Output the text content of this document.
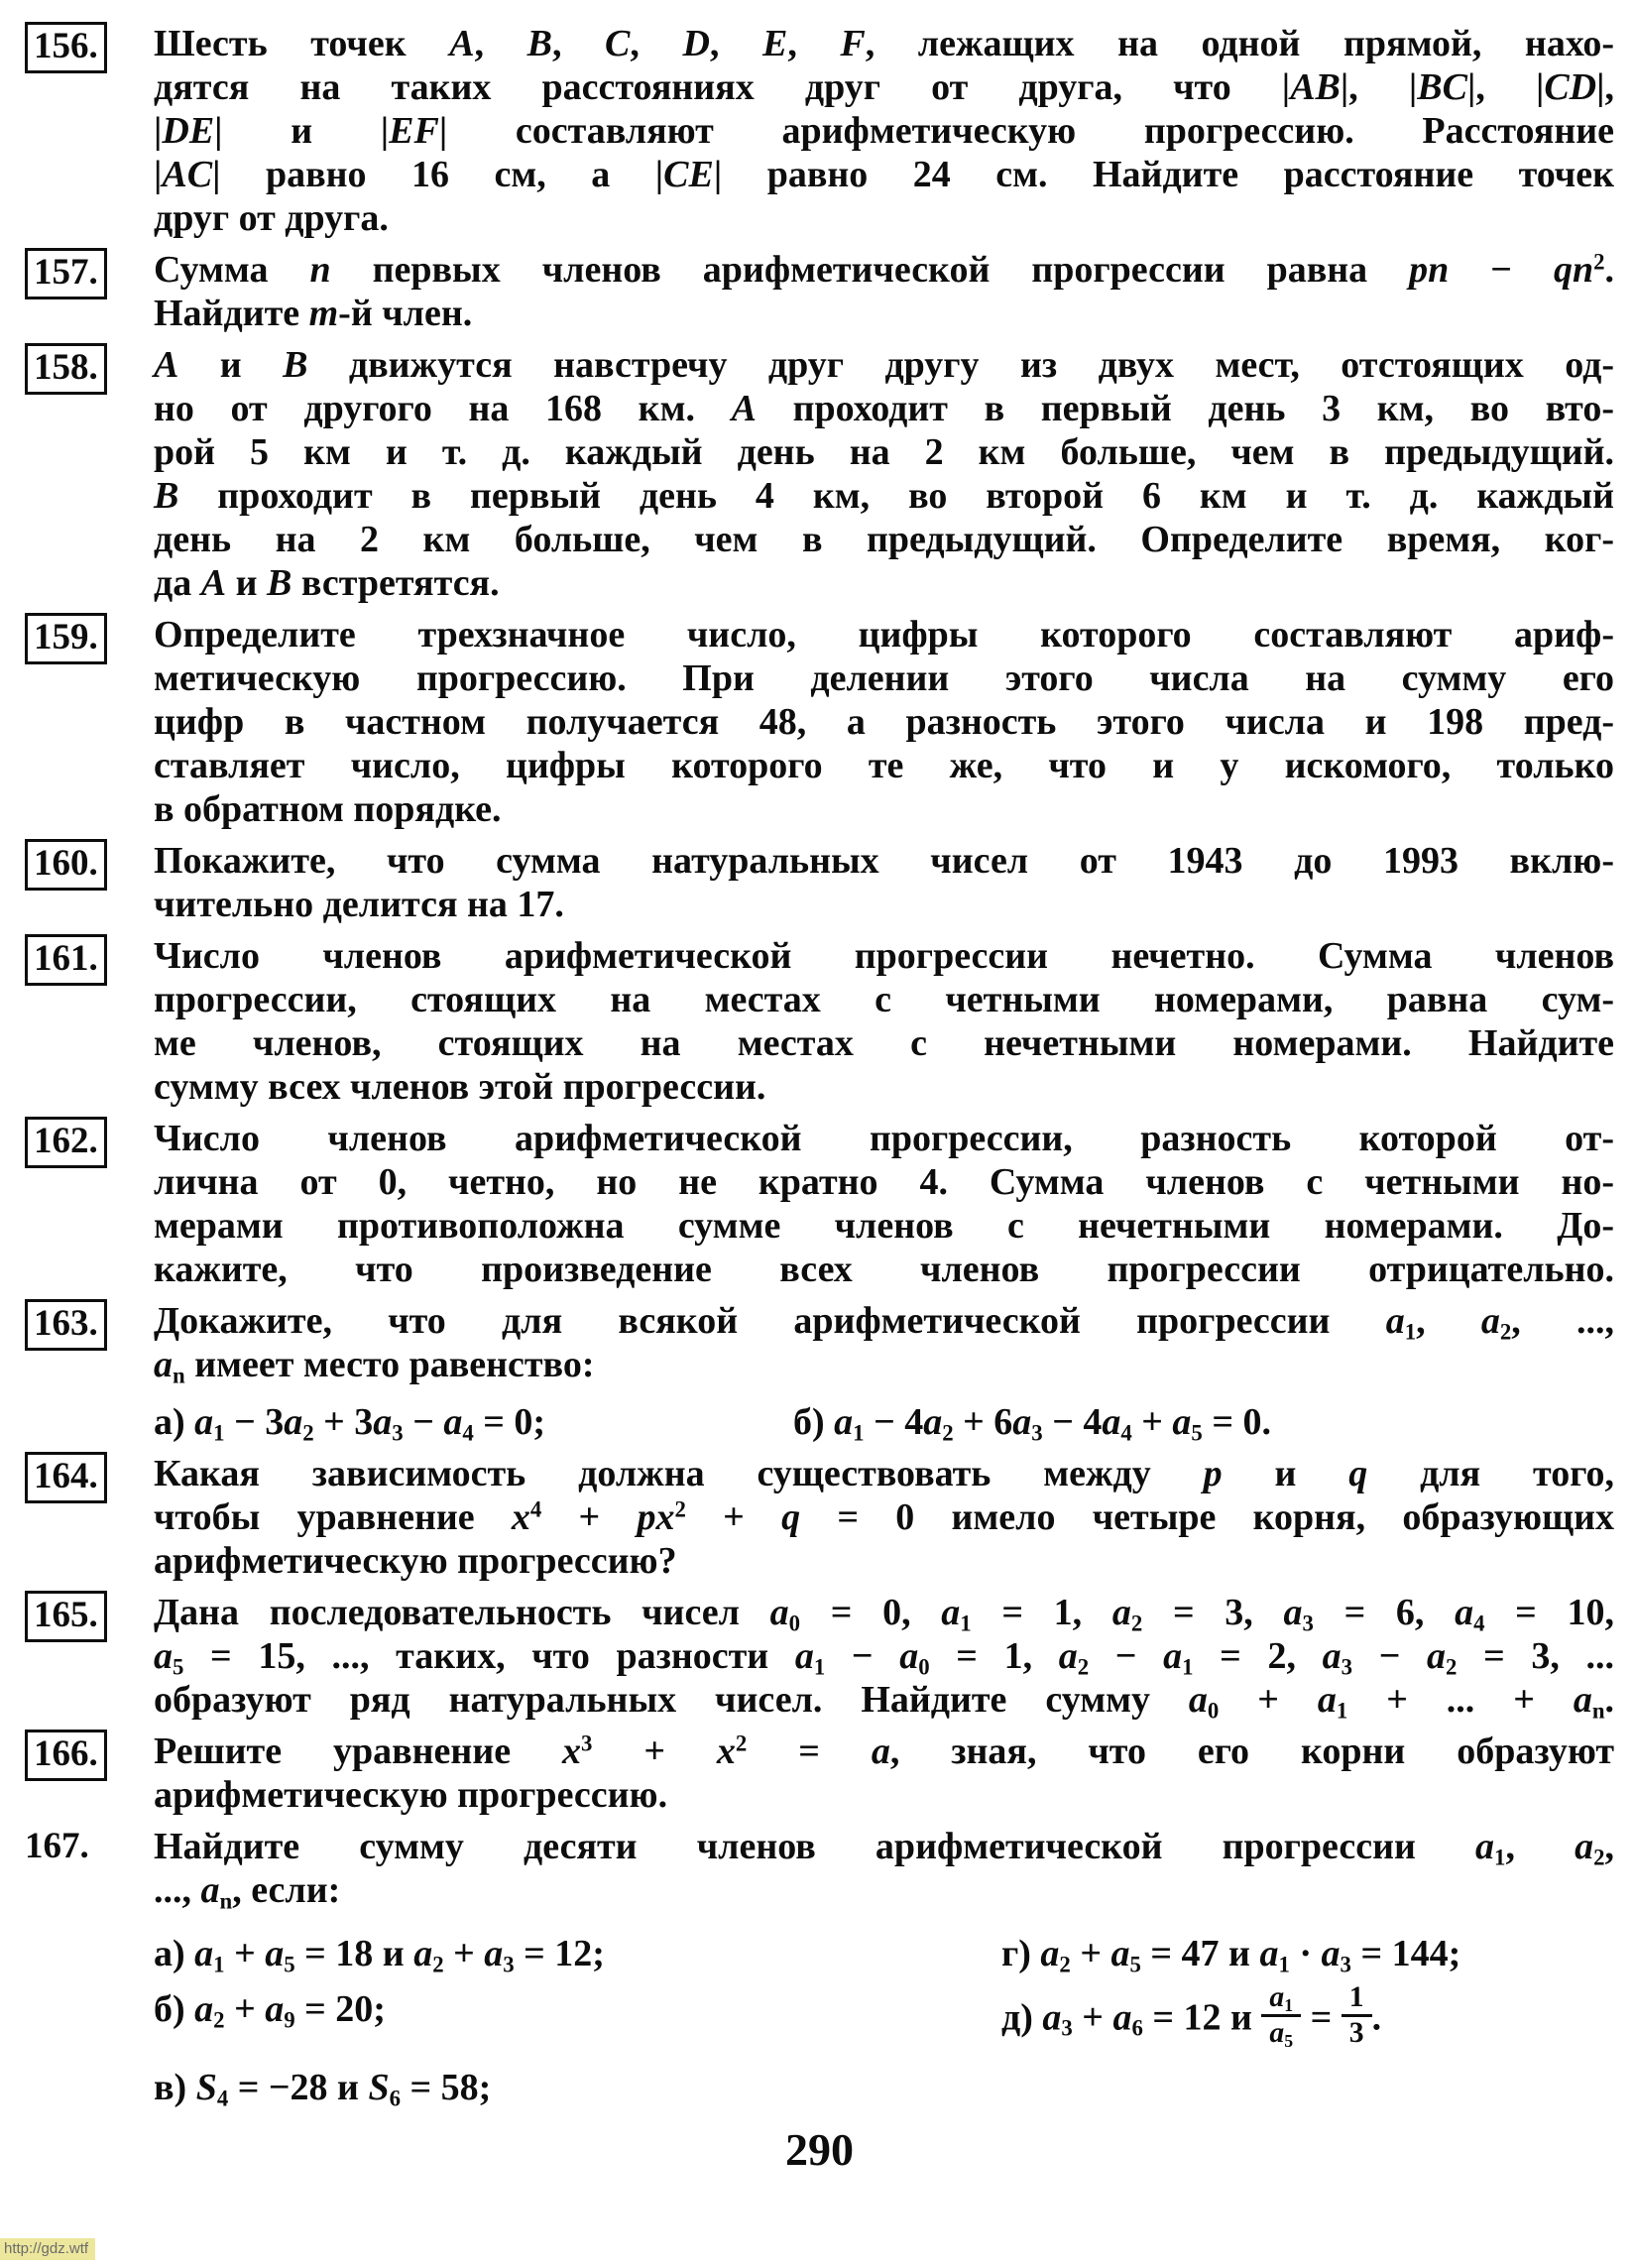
156.	Шесть точек A, B, C, D, E, F, лежащих на одной прямой, нахо-
дятся на таких расстояниях друг от друга, что |AB|, |BC|, |CD|,
|DE| и |EF| составляют арифметическую прогрессию. Расстояние
|AC| равно 16 см, а |CE| равно 24 см. Найдите расстояние точек
друг от друга.
157.	Сумма n первых членов арифметической прогрессии равна pn − $qn^2$.
Найдите m-й член.
158.	А и В движутся навстречу друг другу из двух мест, отстоящих од-
но от другого на 168 км. А проходит в первый день 3 км, во вто-
рой 5 км и т. д. каждый день на 2 км больше, чем в предыдущий.
В проходит в первый день 4 км, во второй 6 км и т. д. каждый
день на 2 км больше, чем в предыдущий. Определите время, ког-
да А и В встретятся.
159.	Определите трехзначное число, цифры которого составляют ариф-
метическую прогрессию. При делении этого числа на сумму его
цифр в частном получается 48, а разность этого числа и 198 пред-
ставляет число, цифры которого те же, что и у искомого, только
в обратном порядке.
160.	Покажите, что сумма натуральных чисел от 1943 до 1993 вклю-
чительно делится на 17.
161.	Число членов арифметической прогрессии нечетно. Сумма членов
прогрессии, стоящих на местах с четными номерами, равна сум-
ме членов, стоящих на местах с нечетными номерами. Найдите
сумму всех членов этой прогрессии.
162.	Число членов арифметической прогрессии, разность которой от-
лична от 0, четно, но не кратно 4. Сумма членов с четными но-
мерами противоположна сумме членов с нечетными номерами. До-
кажите, что произведение всех членов прогрессии отрицательно.
163.	Докажите, что для всякой арифметической прогрессии $a_1$, $a_2$, ...,
$a_n$ имеет место равенство:
а) $a_1 - 3a_2 + 3a_3 - a_4 = 0$;	б) $a_1 - 4a_2 + 6a_3 - 4a_4 + a_5 = 0$.
164.	Какая зависимость должна существовать между p и q для того,
чтобы уравнение $x^4 + px^2 + q = 0$ имело четыре корня, образующих
арифметическую прогрессию?
165.	Дана последовательность чисел $a_0 = 0$, $a_1 = 1$, $a_2 = 3$, $a_3 = 6$, $a_4 = 10$,
$a_5 = 15$, ..., таких, что разности $a_1 - a_0 = 1$, $a_2 - a_1 = 2$, $a_3 - a_2 = 3$, ...
образуют ряд натуральных чисел. Найдите сумму $a_0 + a_1$ + ... + $a_n$.
166.	Решите уравнение $x^3 + x^2 = a$, зная, что его корни образуют
арифметическую прогрессию.
167.	Найдите сумму десяти членов арифметической прогрессии $a_1$, $a_2$,
..., $a_n$, если:
а) $a_1 + a_5 = 18$ и $a_2 + a_3 = 12$;	г) $a_2 + a_5 = 47$ и $a_1 \cdot a_3 = 144$;
б) $a_2 + a_9 = 20$;	д) $a_3 + a_6 = 12$ и $\frac{a_1}{a_5} = \frac{1}{3}$ .
в) $S_4 = -28$ и $S_6 = 58$;
290
http://gdz.wtf
